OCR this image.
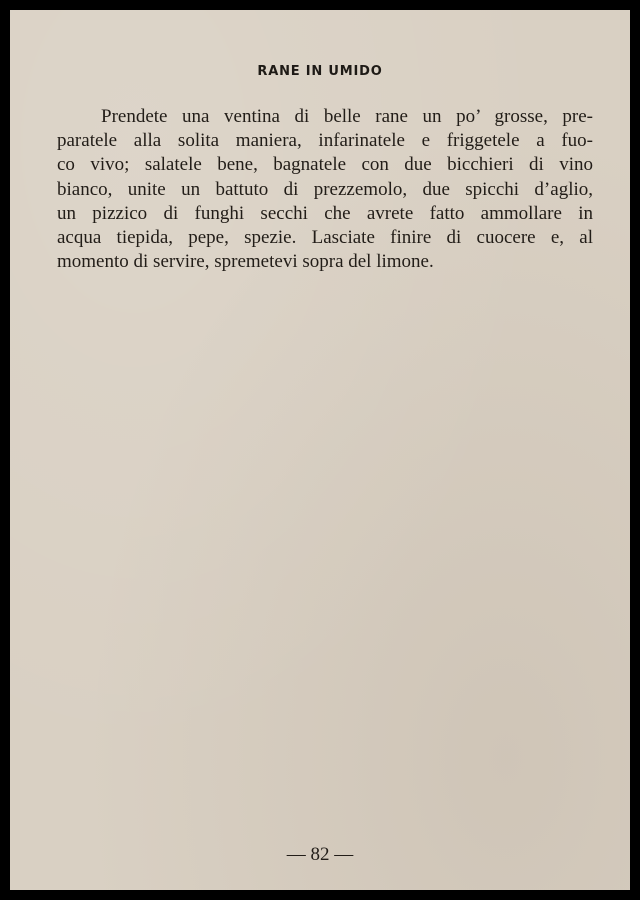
RANE IN UMIDO

Prendete una ventina di belle rane un po’ grosse, pre-
paratele alla solita maniera, infarinatele e friggetele a fuo-
co vivo; salatele bene, bagnatele con due bicchieri di vino
bianco, unite un battuto di prezzemolo, due spicchi d’aglio,
un pizzico di funghi secchi che avrete fatto ammollare in
acqua tiepida, pepe, spezie. Lasciate finire di cuocere e, al
momento di servire, spremetevi sopra del limone.

— 82 —
